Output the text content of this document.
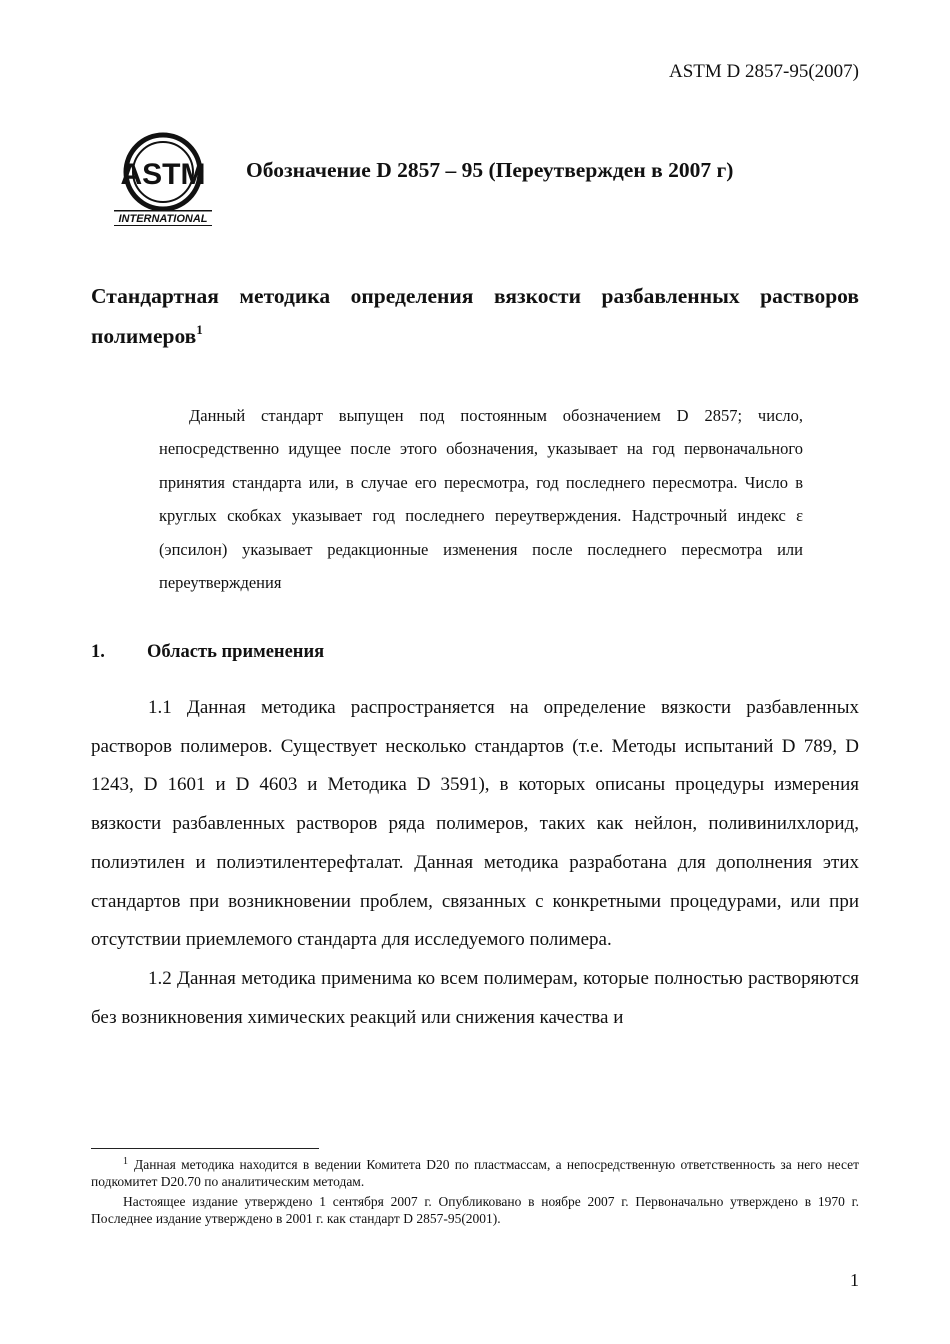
ASTM D 2857-95(2007)
ASTM
INTERNATIONAL
Обозначение D 2857 – 95 (Переутвержден в 2007 г)
Стандартная методика определения вязкости разбавленных растворов полимеров$^1$
Данный стандарт выпущен под постоянным обозначением D 2857; число, непосредственно идущее после этого обозначения, указывает на год первоначального принятия стандарта или, в случае его пересмотра, год последнего пересмотра. Число в круглых скобках указывает год последнего переутверждения. Надстрочный индекс ε (эпсилон) указывает редакционные изменения после последнего пересмотра или переутверждения
1. Область применения

1.1 Данная методика распространяется на определение вязкости разбавленных растворов полимеров. Существует несколько стандартов (т.е. Методы испытаний D 789, D 1243, D 1601 и D 4603 и Методика D 3591), в которых описаны процедуры измерения вязкости разбавленных растворов ряда полимеров, таких как нейлон, поливинилхлорид, полиэтилен и полиэтилентерефталат. Данная методика разработана для дополнения этих стандартов при возникновении проблем, связанных с конкретными процедурами, или при отсутствии приемлемого стандарта для исследуемого полимера.

1.2 Данная методика применима ко всем полимерам, которые полностью растворяются без возникновения химических реакций или снижения качества и

$^1$ Данная методика находится в ведении Комитета D20 по пластмассам, а непосредственную ответственность за него несет подкомитет D20.70 по аналитическим методам.

Настоящее издание утверждено 1 сентября 2007 г. Опубликовано в ноябре 2007 г. Первоначально утверждено в 1970 г. Последнее издание утверждено в 2001 г. как стандарт D 2857-95(2001).

1
